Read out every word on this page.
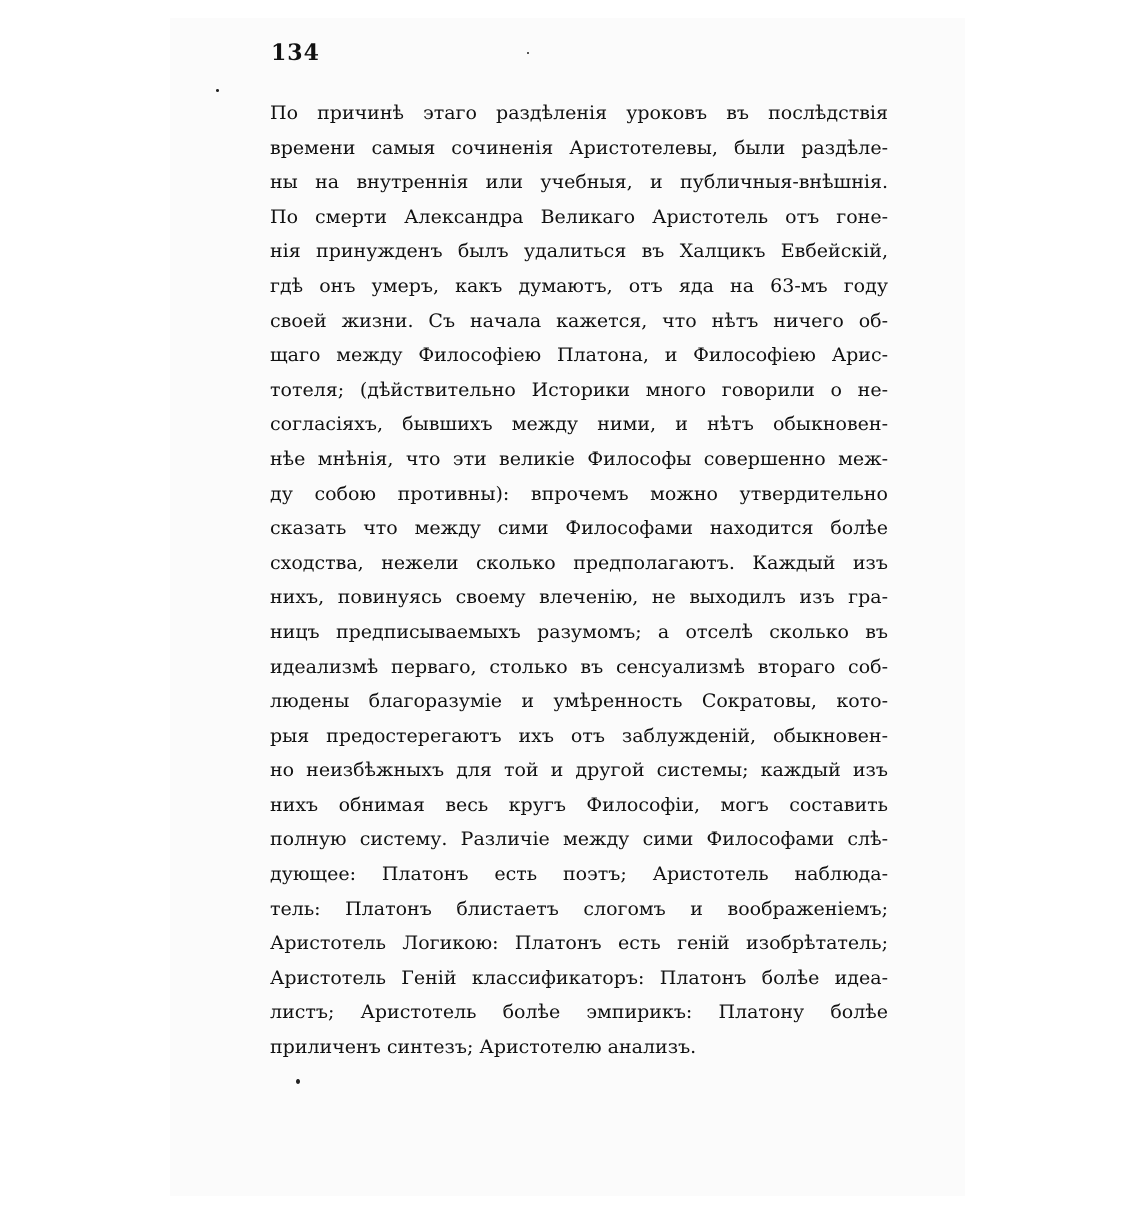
134
По причинѣ этаго раздѣленія уроковъ въ послѣдствія
времени самыя сочиненія Аристотелевы, были раздѣле-
ны на внутреннія или учебныя, и публичныя-внѣшнія.
По смерти Александра Великаго Аристотель отъ гоне-
нія принужденъ былъ удалиться въ Халцикъ Евбейскій,
гдѣ онъ умеръ, какъ думаютъ, отъ яда на 63-мъ году
своей жизни. Съ начала кажется, что нѣтъ ничего об-
щаго между Философіею Платона, и Философіею Арис-
тотеля; (дѣйствительно Историки много говорили о не-
согласіяхъ, бывшихъ между ними, и нѣтъ обыкновен-
нѣе мнѣнія, что эти великіе Философы совершенно меж-
ду собою противны): впрочемъ можно утвердительно
сказать что между сими Философами находится болѣе
сходства, нежели сколько предполагаютъ. Каждый изъ
нихъ, повинуясь своему влеченію, не выходилъ изъ гра-
ницъ предписываемыхъ разумомъ; а отселѣ сколько въ
идеализмѣ перваго, столько въ сенсуализмѣ втораго соб-
людены благоразуміе и умѣренность Сократовы, кото-
рыя предостерегаютъ ихъ отъ заблужденій, обыкновен-
но неизбѣжныхъ для той и другой системы; каждый изъ
нихъ обнимая весь кругъ Философіи, могъ составить
полную систему. Различіе между сими Философами слѣ-
дующее: Платонъ есть поэтъ; Аристотель наблюда-
тель: Платонъ блистаетъ слогомъ и воображеніемъ;
Аристотель Логикою: Платонъ есть геній изобрѣтатель;
Аристотель Геній классификаторъ: Платонъ болѣе идеа-
листъ; Аристотель болѣе эмпирикъ: Платону болѣе
приличенъ синтезъ; Аристотелю анализъ.
